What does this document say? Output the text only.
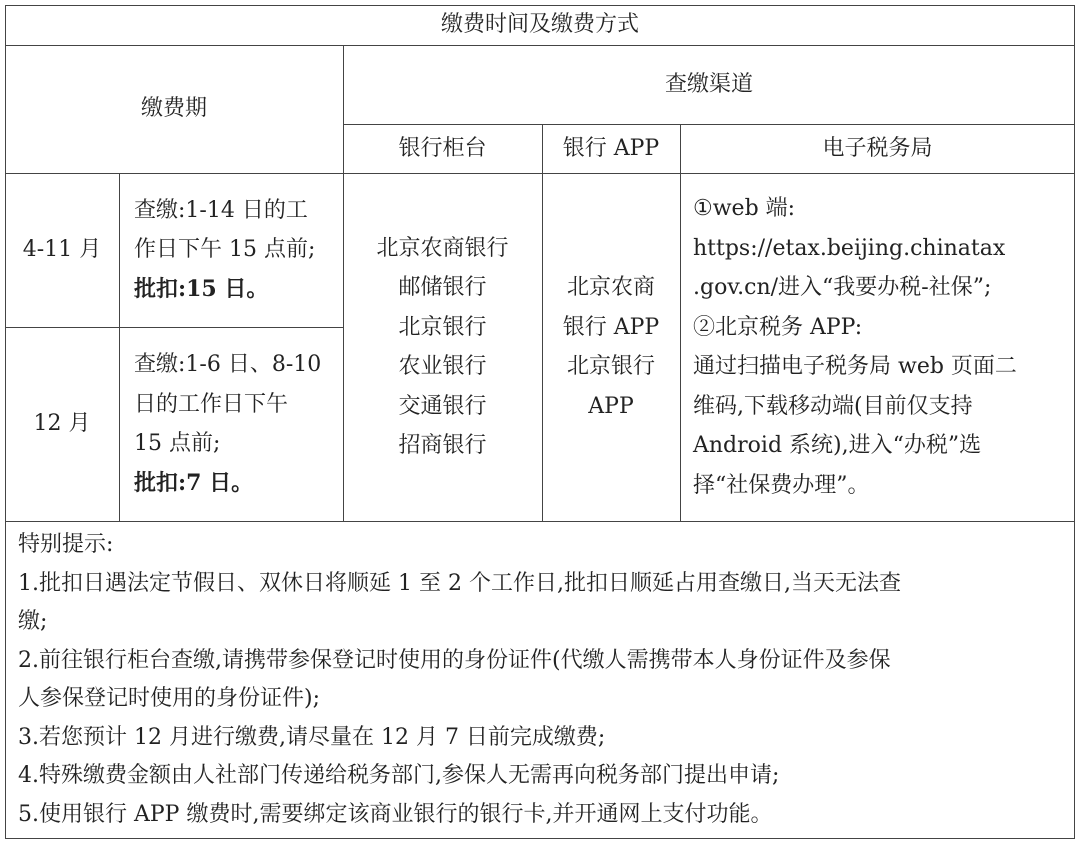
缴费时间及缴费方式
缴费期
查缴渠道
银行柜台	银行 APP	电子税务局
4-11 月
查缴:1-14 日的工
作日下午 15 点前;
批扣:15 日。
12 月
查缴:1-6 日、8-10
日的工作日下午
15 点前;
批扣:7 日。
北京农商银行
邮储银行
北京银行
农业银行
交通银行
招商银行
北京农商
银行 APP
北京银行
APP
①web 端:
https://etax.beijing.chinatax
.gov.cn/进入“我要办税-社保”;
②北京税务 APP:
通过扫描电子税务局 web 页面二
维码,下载移动端(目前仅支持
Android 系统),进入“办税”选
择“社保费办理”。
特别提示:
1.批扣日遇法定节假日、双休日将顺延 1 至 2 个工作日,批扣日顺延占用查缴日,当天无法查
缴;
2.前往银行柜台查缴,请携带参保登记时使用的身份证件(代缴人需携带本人身份证件及参保
人参保登记时使用的身份证件);
3.若您预计 12 月进行缴费,请尽量在 12 月 7 日前完成缴费;
4.特殊缴费金额由人社部门传递给税务部门,参保人无需再向税务部门提出申请;
5.使用银行 APP 缴费时,需要绑定该商业银行的银行卡,并开通网上支付功能。
